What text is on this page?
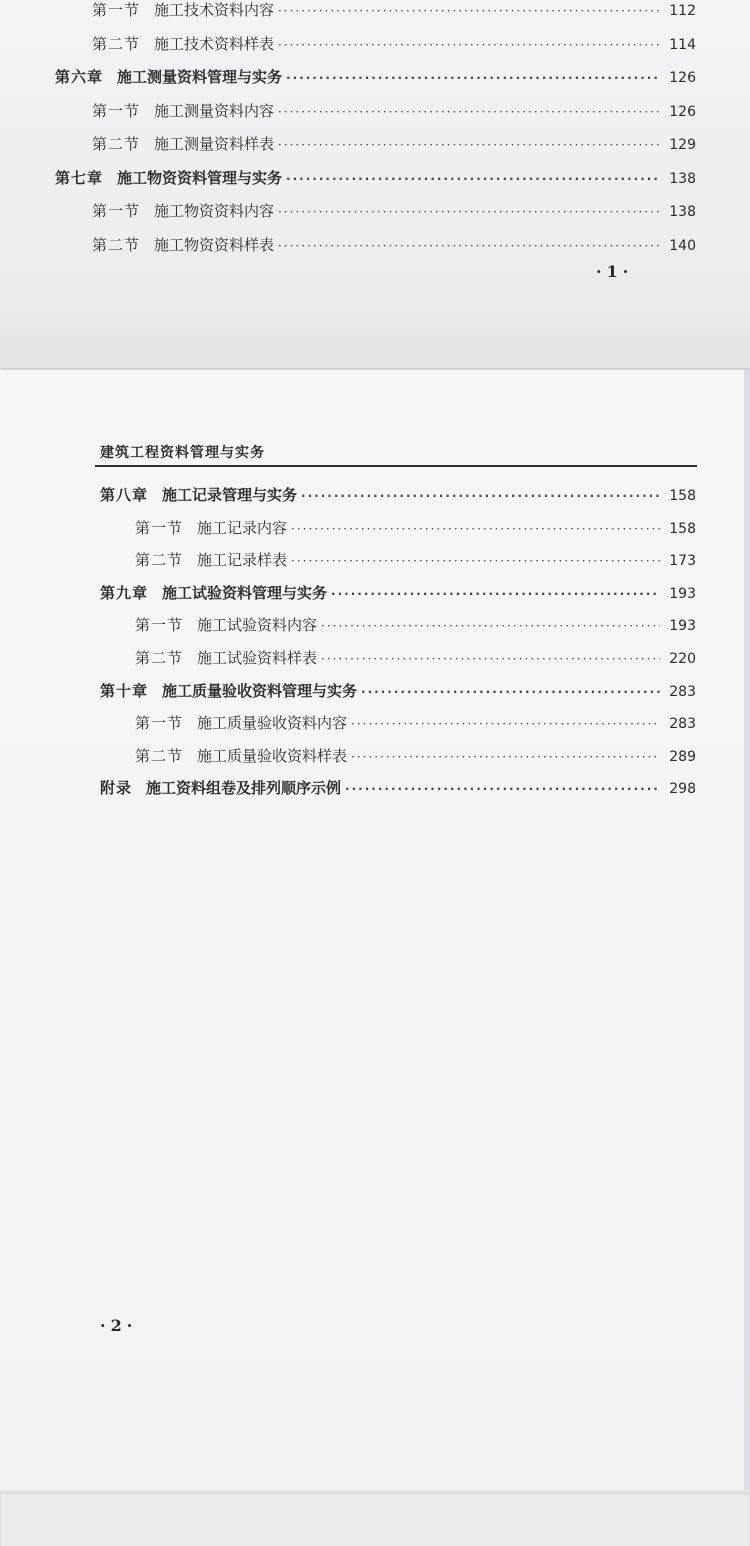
第一节 施工技术资料内容 ·····	112
第二节 施工技术资料样表 ·····	114
第六章 施工测量资料管理与实务 ·····	126
第一节 施工测量资料内容 ·····	126
第二节 施工测量资料样表 ·····	129
第七章 施工物资资料管理与实务 ·····	138
第一节 施工物资资料内容 ·····	138
第二节 施工物资资料样表 ·····	140
·1·
建筑工程资料管理与实务
第八章 施工记录管理与实务 ·····	158
第一节 施工记录内容 ·····	158
第二节 施工记录样表 ·····	173
第九章 施工试验资料管理与实务 ·····	193
第一节 施工试验资料内容 ·····	193
第二节 施工试验资料样表 ·····	220
第十章 施工质量验收资料管理与实务 ·····	283
第一节 施工质量验收资料内容 ·····	283
第二节 施工质量验收资料样表 ·····	289
附录 施工资料组卷及排列顺序示例 ·····	298
·2·
